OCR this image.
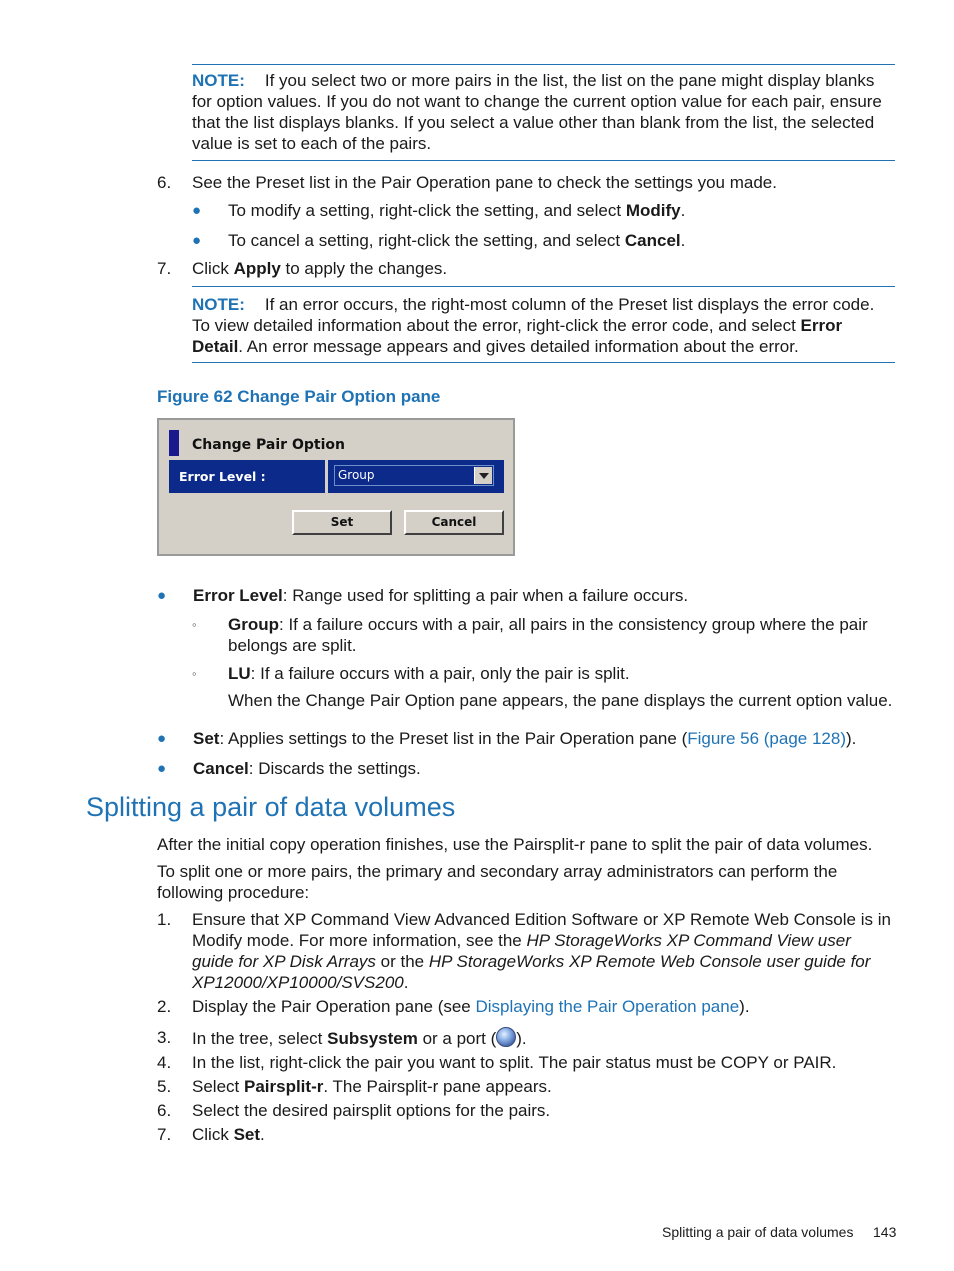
NOTE: If you select two or more pairs in the list, the list on the pane might display blanks for option values. If you do not want to change the current option value for each pair, ensure that the list displays blanks. If you select a value other than blank from the list, the selected value is set to each of the pairs.

6. See the Preset list in the Pair Operation pane to check the settings you made.
● To modify a setting, right-click the setting, and select Modify.
● To cancel a setting, right-click the setting, and select Cancel.
7. Click Apply to apply the changes.

NOTE: If an error occurs, the right-most column of the Preset list displays the error code. To view detailed information about the error, right-click the error code, and select Error Detail. An error message appears and gives detailed information about the error.

Figure 62 Change Pair Option pane
Change Pair Option
Error Level :	Group
Set	Cancel
● Error Level: Range used for splitting a pair when a failure occurs.
◦ Group: If a failure occurs with a pair, all pairs in the consistency group where the pair belongs are split.
◦ LU: If a failure occurs with a pair, only the pair is split.
When the Change Pair Option pane appears, the pane displays the current option value.
● Set: Applies settings to the Preset list in the Pair Operation pane (Figure 56 (page 128)).
● Cancel: Discards the settings.
Splitting a pair of data volumes

After the initial copy operation finishes, use the Pairsplit-r pane to split the pair of data volumes.

To split one or more pairs, the primary and secondary array administrators can perform the following procedure:

1. Ensure that XP Command View Advanced Edition Software or XP Remote Web Console is in Modify mode. For more information, see the HP StorageWorks XP Command View user guide for XP Disk Arrays or the HP StorageWorks XP Remote Web Console user guide for XP12000/XP10000/SVS200.
2. Display the Pair Operation pane (see Displaying the Pair Operation pane).
3. In the tree, select Subsystem or a port ( ).
4. In the list, right-click the pair you want to split. The pair status must be COPY or PAIR.
5. Select Pairsplit-r. The Pairsplit-r pane appears.
6. Select the desired pairsplit options for the pairs.
7. Click Set.
Splitting a pair of data volumes 143
